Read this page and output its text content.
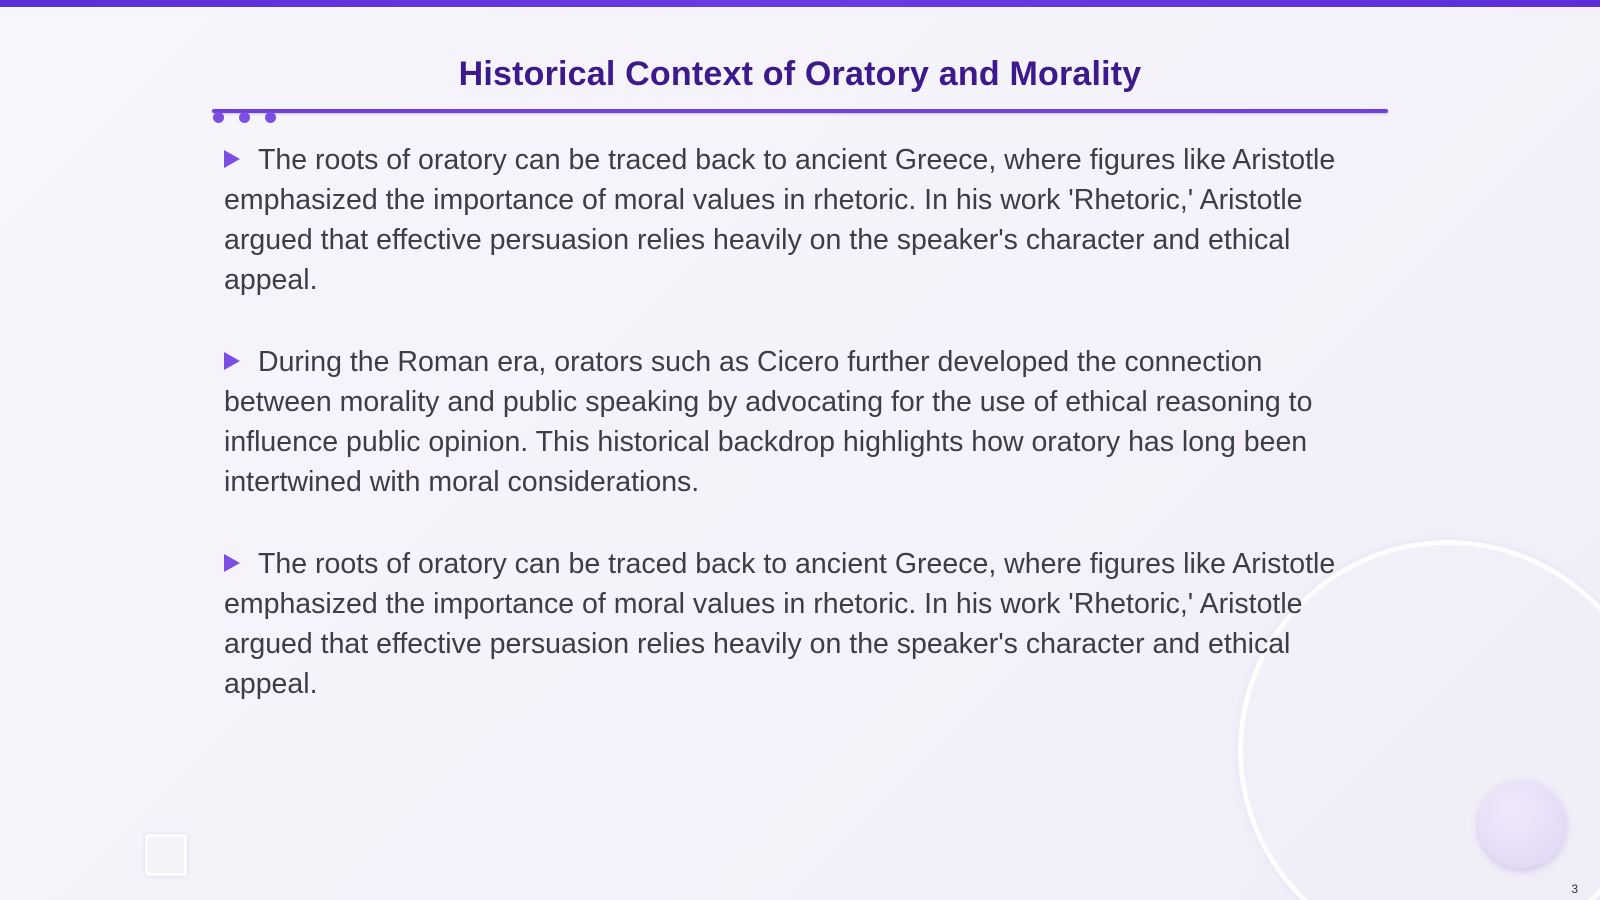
Historical Context of Oratory and Morality

The roots of oratory can be traced back to ancient Greece, where figures like Aristotle emphasized the importance of moral values in rhetoric. In his work 'Rhetoric,' Aristotle argued that effective persuasion relies heavily on the speaker's character and ethical appeal.

During the Roman era, orators such as Cicero further developed the connection between morality and public speaking by advocating for the use of ethical reasoning to influence public opinion. This historical backdrop highlights how oratory has long been intertwined with moral considerations.

The roots of oratory can be traced back to ancient Greece, where figures like Aristotle emphasized the importance of moral values in rhetoric. In his work 'Rhetoric,' Aristotle argued that effective persuasion relies heavily on the speaker's character and ethical appeal.

3
